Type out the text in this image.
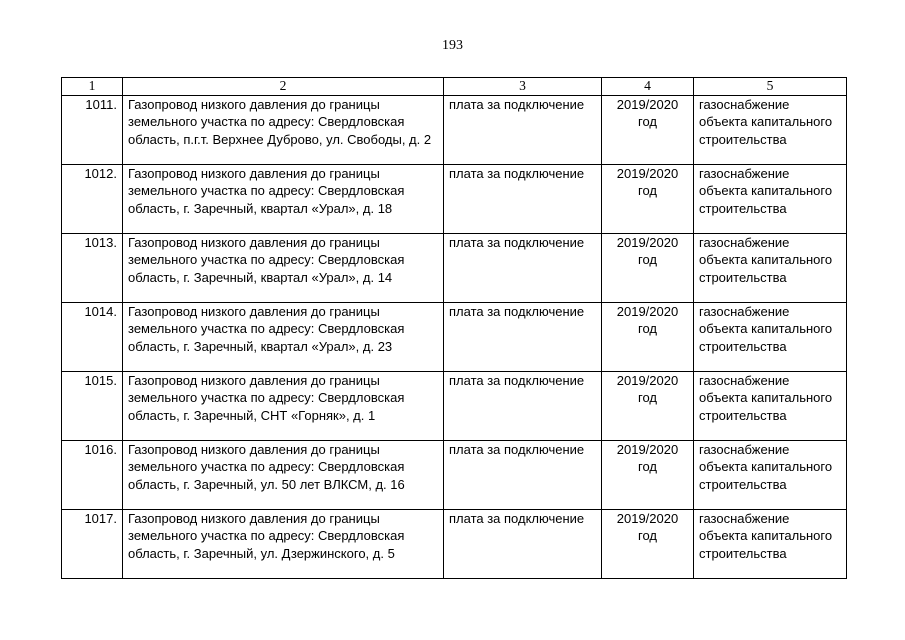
193
1	2	3	4	5
1011.	Газопровод низкого давления до границы земельного участка по адресу: Свердловская область, п.г.т. Верхнее Дуброво, ул. Свободы, д. 2	плата за подключение	2019/2020 год	газоснабжение объекта капитального строительства
1012.	Газопровод низкого давления до границы земельного участка по адресу: Свердловская область, г. Заречный, квартал «Урал», д. 18	плата за подключение	2019/2020 год	газоснабжение объекта капитального строительства
1013.	Газопровод низкого давления до границы земельного участка по адресу: Свердловская область, г. Заречный, квартал «Урал», д. 14	плата за подключение	2019/2020 год	газоснабжение объекта капитального строительства
1014.	Газопровод низкого давления до границы земельного участка по адресу: Свердловская область, г. Заречный, квартал «Урал», д. 23	плата за подключение	2019/2020 год	газоснабжение объекта капитального строительства
1015.	Газопровод низкого давления до границы земельного участка по адресу: Свердловская область, г. Заречный, СНТ «Горняк», д. 1	плата за подключение	2019/2020 год	газоснабжение объекта капитального строительства
1016.	Газопровод низкого давления до границы земельного участка по адресу: Свердловская область, г. Заречный, ул. 50 лет ВЛКСМ, д. 16	плата за подключение	2019/2020 год	газоснабжение объекта капитального строительства
1017.	Газопровод низкого давления до границы земельного участка по адресу: Свердловская область, г. Заречный, ул. Дзержинского, д. 5	плата за подключение	2019/2020 год	газоснабжение объекта капитального строительства
